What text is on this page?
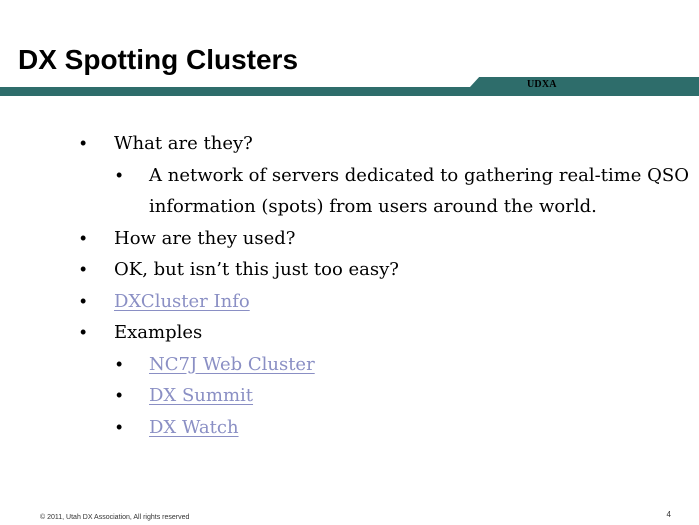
DX Spotting Clusters
UDXA
• What are they?
• A network of servers dedicated to gathering real-time QSO
information (spots) from users around the world.
• How are they used?
• OK, but isn’t this just too easy?
• DXCluster Info
• Examples
• NC7J Web Cluster
• DX Summit
• DX Watch
© 2011, Utah DX Association, All rights reserved	4
